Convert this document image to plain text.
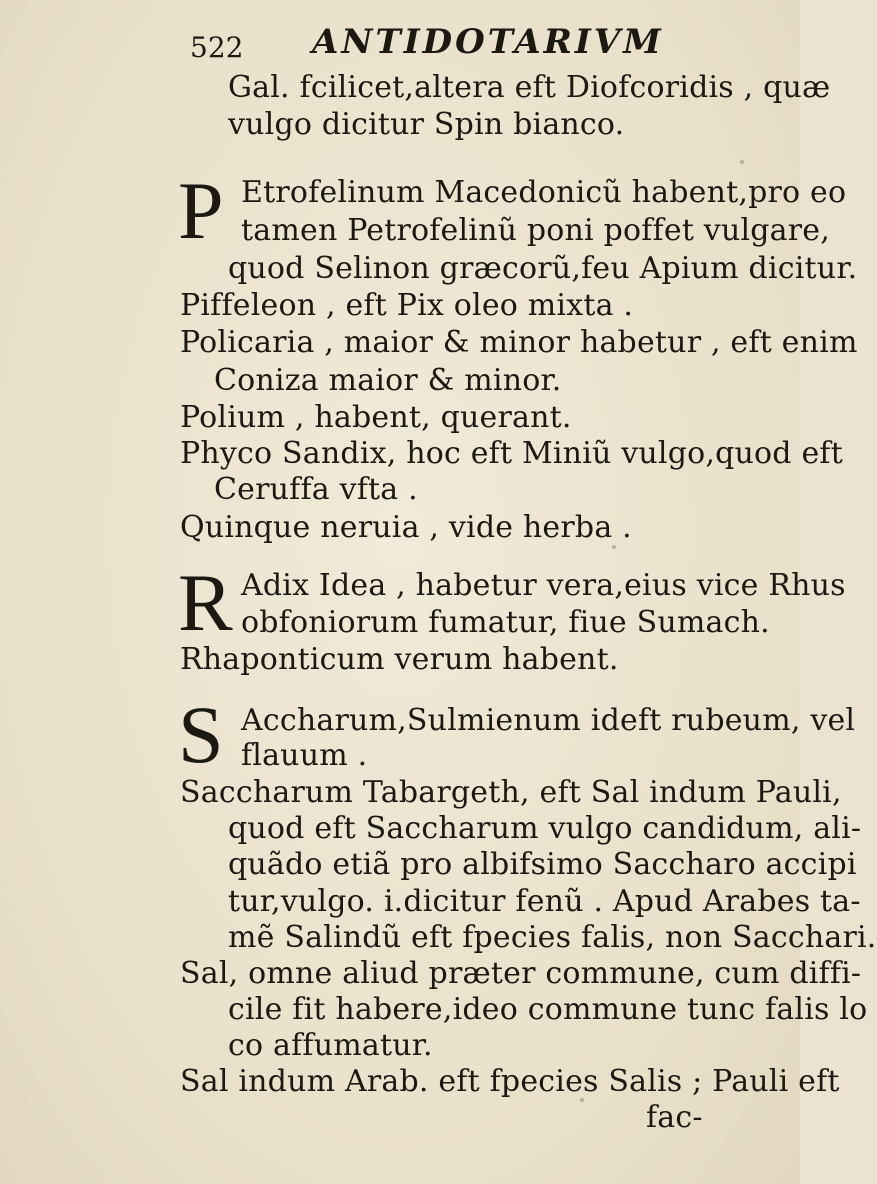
522 ANTIDOTARIVM
Gal. fcilicet,altera eft Diofcoridis , quæ
vulgo dicitur Spin bianco.
P Etrofelinum Macedonicũ habent,pro eo
tamen Petrofelinũ poni poffet vulgare,
quod Selinon græcorũ,feu Apium dicitur.
Piffeleon , eft Pix oleo mixta .
Policaria , maior & minor habetur , eft enim
Coniza maior & minor.
Polium , habent, querant.
Phyco Sandix, hoc eft Miniũ vulgo,quod eft
Ceruffa vfta .
Quinque neruia , vide herba .
R Adix Idea , habetur vera,eius vice Rhus
obfoniorum fumatur, fiue Sumach.
Rhaponticum verum habent.
S Accharum,Sulmienum ideft rubeum, vel
flauum .
Saccharum Tabargeth, eft Sal indum Pauli,
quod eft Saccharum vulgo candidum, ali-
quãdo etiã pro albifsimo Saccharo accipi
tur,vulgo. i.dicitur fenũ . Apud Arabes ta-
mẽ Salindũ eft fpecies falis, non Sacchari.
Sal, omne aliud præter commune, cum diffi-
cile fit habere,ideo commune tunc falis lo
co affumatur.
Sal indum Arab. eft fpecies Salis ; Pauli eft
fac-
